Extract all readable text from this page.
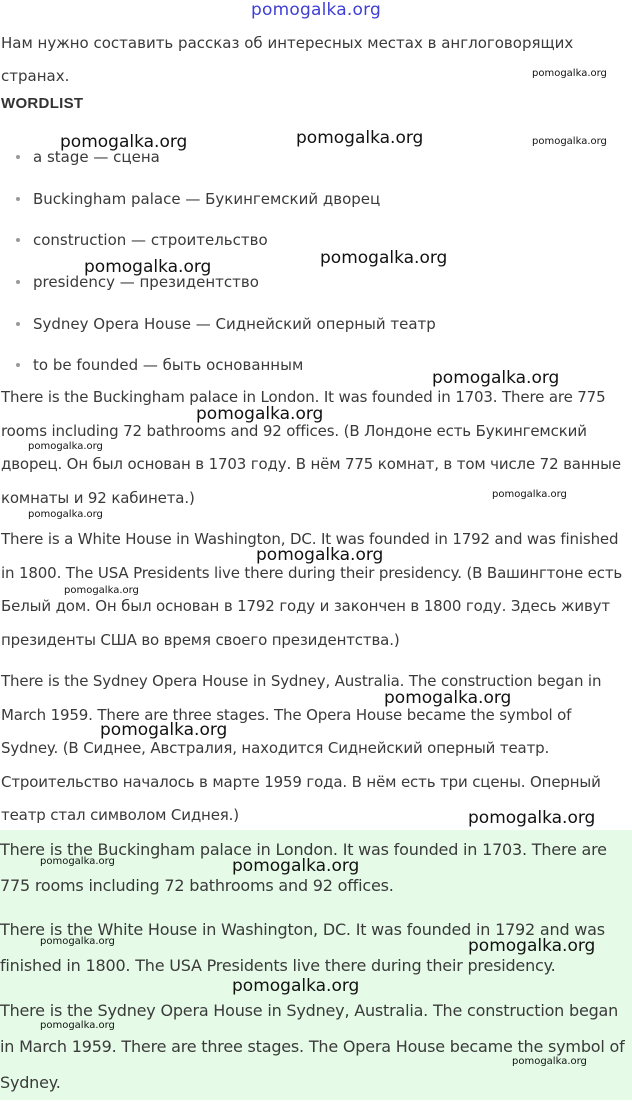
pomogalka.org

Нам нужно составить рассказ об интересных местах в англоговорящих странах.

WORDLIST
a stage — сцена
Buckingham palace — Букингемский дворец
construction — строительство
presidency — президентство
Sydney Opera House — Сиднейский оперный театр
to be founded — быть основанным

There is the Buckingham palace in London. It was founded in 1703. There are 775 rooms including 72 bathrooms and 92 offices. (В Лондоне есть Букингемский дворец. Он был основан в 1703 году. В нём 775 комнат, в том числе 72 ванные комнаты и 92 кабинета.)

There is a White House in Washington, DC. It was founded in 1792 and was finished in 1800. The USA Presidents live there during their presidency. (В Вашингтоне есть Белый дом. Он был основан в 1792 году и закончен в 1800 году. Здесь живут президенты США во время своего президентства.)

There is the Sydney Opera House in Sydney, Australia. The construction began in March 1959. There are three stages. The Opera House became the symbol of Sydney. (В Сиднее, Австралия, находится Сиднейский оперный театр. Строительство началось в марте 1959 года. В нём есть три сцены. Оперный театр стал символом Сиднея.)

There is the Buckingham palace in London. It was founded in 1703. There are 775 rooms including 72 bathrooms and 92 offices.

There is the White House in Washington, DC. It was founded in 1792 and was finished in 1800. The USA Presidents live there during their presidency.

There is the Sydney Opera House in Sydney, Australia. The construction began in March 1959. There are three stages. The Opera House became the symbol of Sydney.

pomogalka.org
pomogalka.org	pomogalka.org	pomogalka.org
pomogalka.org	pomogalka.org
pomogalka.org
pomogalka.org
pomogalka.org
pomogalka.org
pomogalka.org
pomogalka.org
pomogalka.org
pomogalka.org
pomogalka.org
pomogalka.org
pomogalka.org	pomogalka.org
pomogalka.org	pomogalka.org
pomogalka.org
pomogalka.org
pomogalka.org
